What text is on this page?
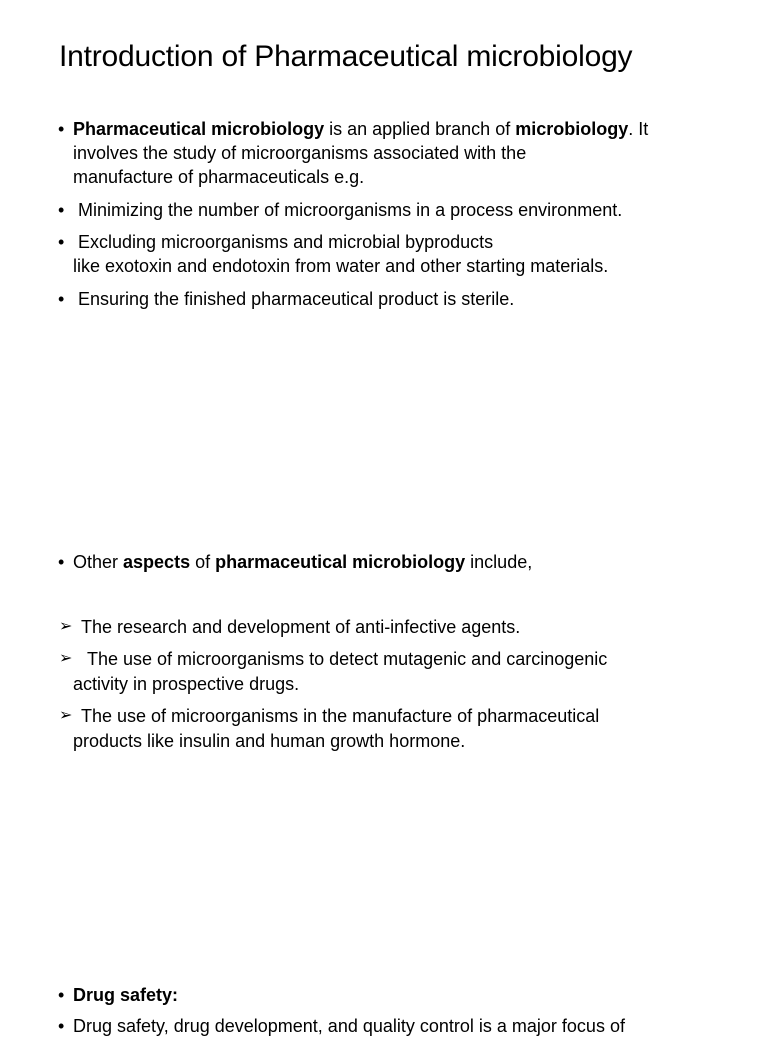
Introduction of Pharmaceutical microbiology
• Pharmaceutical microbiology is an applied branch of microbiology. It
involves the study of microorganisms associated with the
manufacture of pharmaceuticals e.g.
• Minimizing the number of microorganisms in a process environment.
• Excluding microorganisms and microbial byproducts
like exotoxin and endotoxin from water and other starting materials.
• Ensuring the finished pharmaceutical product is sterile.
• Other aspects of pharmaceutical microbiology include,
➢ The research and development of anti-infective agents.
➢ The use of microorganisms to detect mutagenic and carcinogenic
activity in prospective drugs.
➢ The use of microorganisms in the manufacture of pharmaceutical
products like insulin and human growth hormone.
• Drug safety:
• Drug safety, drug development, and quality control is a major focus of
